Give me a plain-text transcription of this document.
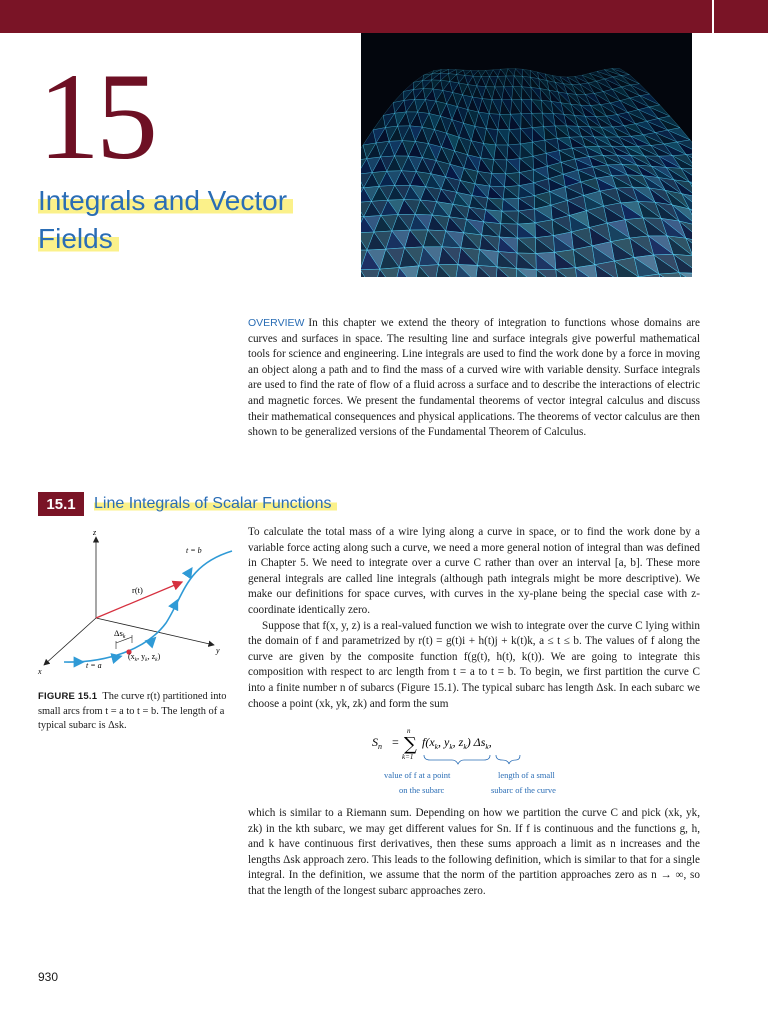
15
Integrals and Vector
Fields
OVERVIEW In this chapter we extend the theory of integration to functions whose domains are curves and surfaces in space. The resulting line and surface integrals give powerful mathematical tools for science and engineering. Line integrals are used to find the work done by a force in moving an object along a path and to find the mass of a curved wire with variable density. Surface integrals are used to find the rate of flow of a fluid across a surface and to describe the interactions of electric and magnetic forces. We present the fundamental theorems of vector integral calculus and discuss their mathematical consequences and physical applications. The theorems of vector calculus are then shown to be generalized versions of the Fundamental Theorem of Calculus.
15.1	Line Integrals of Scalar Functions
z
y
x
t = b
t = a
r(t)
$\Delta s_k$
($x_k$, $y_k$, $z_k$)
FIGURE 15.1 The curve r(t) partitioned into small arcs from t = a to t = b. The length of a typical subarc is Δsk.

To calculate the total mass of a wire lying along a curve in space, or to find the work done by a variable force acting along such a curve, we need a more general notion of integral than was defined in Chapter 5. We need to integrate over a curve C rather than over an interval [a, b]. These more general integrals are called line integrals (although path integrals might be more descriptive). We make our definitions for space curves, with curves in the xy-plane being the special case with z-coordinate identically zero.

Suppose that f(x, y, z) is a real-valued function we wish to integrate over the curve C lying within the domain of f and parametrized by r(t) = g(t)i + h(t)j + k(t)k, a ≤ t ≤ b. The values of f along the curve are given by the composite function f(g(t), h(t), k(t)). We are going to integrate this composition with respect to arc length from t = a to t = b. To begin, we first partition the curve C into a finite number n of subarcs (Figure 15.1). The typical subarc has length Δsk. In each subarc we choose a point (xk, yk, zk) and form the sum

$S_n$ =
n
∑
k=1
$f(x_k$, $y_k$, $z_k$) $\Delta s_k$,
value of f at a point
on the subarc
length of a small
subarc of the curve

which is similar to a Riemann sum. Depending on how we partition the curve C and pick (xk, yk, zk) in the kth subarc, we may get different values for Sn. If f is continuous and the functions g, h, and k have continuous first derivatives, then these sums approach a limit as n increases and the lengths Δsk approach zero. This leads to the following definition, which is similar to that for a single integral. In the definition, we assume that the norm of the partition approaches zero as n → ∞, so that the length of the longest subarc approaches zero.

930
